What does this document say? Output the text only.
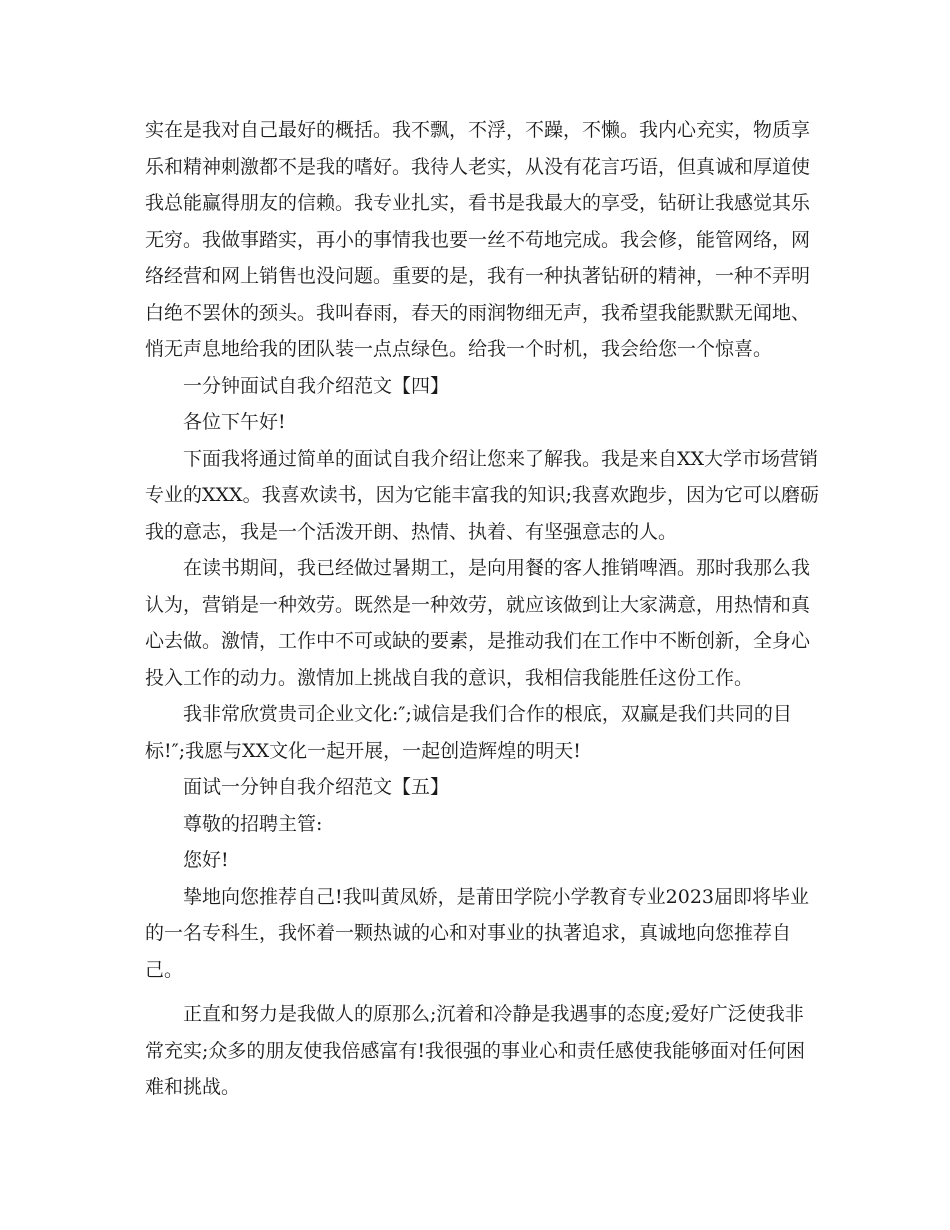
实在是我对自己最好的概括。我不飘，不浮，不躁，不懒。我内心充实，物质享

乐和精神刺激都不是我的嗜好。我待人老实，从没有花言巧语，但真诚和厚道使

我总能赢得朋友的信赖。我专业扎实，看书是我最大的享受，钻研让我感觉其乐

无穷。我做事踏实，再小的事情我也要一丝不苟地完成。我会修，能管网络，网

络经营和网上销售也没问题。重要的是，我有一种执著钻研的精神，一种不弄明

白绝不罢休的颈头。我叫春雨，春天的雨润物细无声，我希望我能默默无闻地、

悄无声息地给我的团队装一点点绿色。给我一个时机，我会给您一个惊喜。

一分钟面试自我介绍范文【四】

各位下午好!

下面我将通过简单的面试自我介绍让您来了解我。我是来自XX大学市场营销

专业的XXX。我喜欢读书，因为它能丰富我的知识;我喜欢跑步，因为它可以磨砺

我的意志，我是一个活泼开朗、热情、执着、有坚强意志的人。

在读书期间，我已经做过暑期工，是向用餐的客人推销啤酒。那时我那么我

认为，营销是一种效劳。既然是一种效劳，就应该做到让大家满意，用热情和真

心去做。激情，工作中不可或缺的要素，是推动我们在工作中不断创新，全身心

投入工作的动力。激情加上挑战自我的意识，我相信我能胜任这份工作。

我非常欣赏贵司企业文化:″;诚信是我们合作的根底，双赢是我们共同的目

标!″;我愿与XX文化一起开展，一起创造辉煌的明天!

面试一分钟自我介绍范文【五】

尊敬的招聘主管:

您好!

挚地向您推荐自己!我叫黄凤娇，是莆田学院小学教育专业2023届即将毕业

的一名专科生，我怀着一颗热诚的心和对事业的执著追求，真诚地向您推荐自

己。

正直和努力是我做人的原那么;沉着和冷静是我遇事的态度;爱好广泛使我非

常充实;众多的朋友使我倍感富有!我很强的事业心和责任感使我能够面对任何困

难和挑战。
